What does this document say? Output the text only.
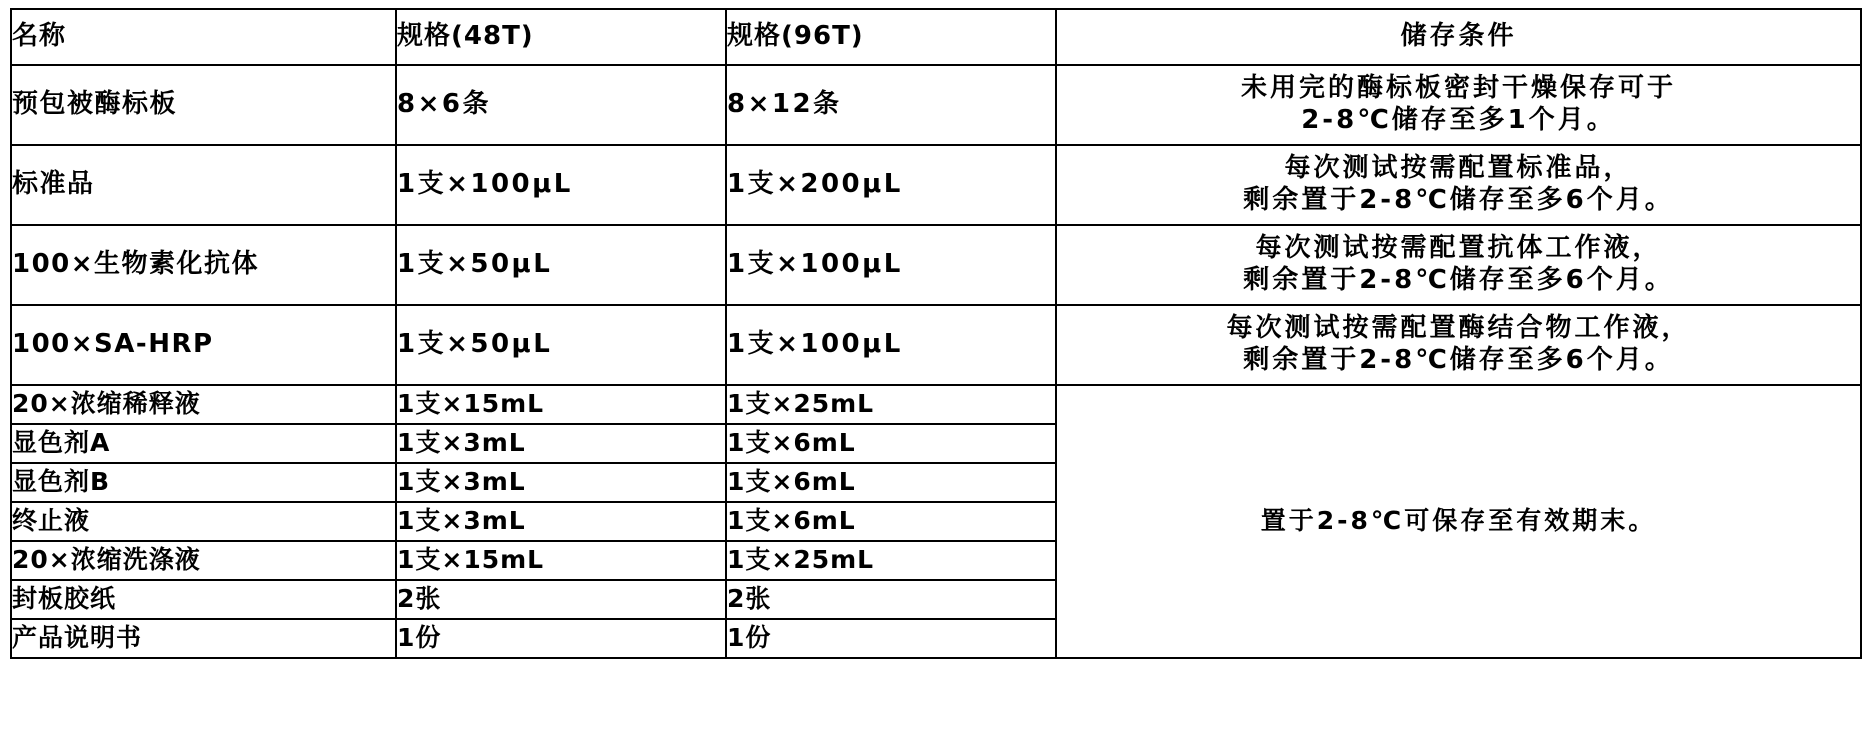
名称	规格(48T)	规格(96T)	储存条件
预包被酶标板	8×6条	8×12条	未用完的酶标板密封干燥保存可于
2-8℃储存至多1个月。

标准品	1支×100μL	1支×200μL	每次测试按需配置标准品，
剩余置于2-8℃储存至多6个月。

100×生物素化抗体	1支×50μL	1支×100μL	每次测试按需配置抗体工作液，
剩余置于2-8℃储存至多6个月。

100×SA-HRP	1支×50μL	1支×100μL	每次测试按需配置酶结合物工作液，
剩余置于2-8℃储存至多6个月。

20×浓缩稀释液	1支×15mL	1支×25mL	置于2-8℃可保存至有效期末。

显色剂A	1支×3mL	1支×6mL	
显色剂B	1支×3mL	1支×6mL	
终止液	1支×3mL	1支×6mL	
20×浓缩洗涤液	1支×15mL	1支×25mL	
封板胶纸	2张	2张	
产品说明书	1份	1份	
